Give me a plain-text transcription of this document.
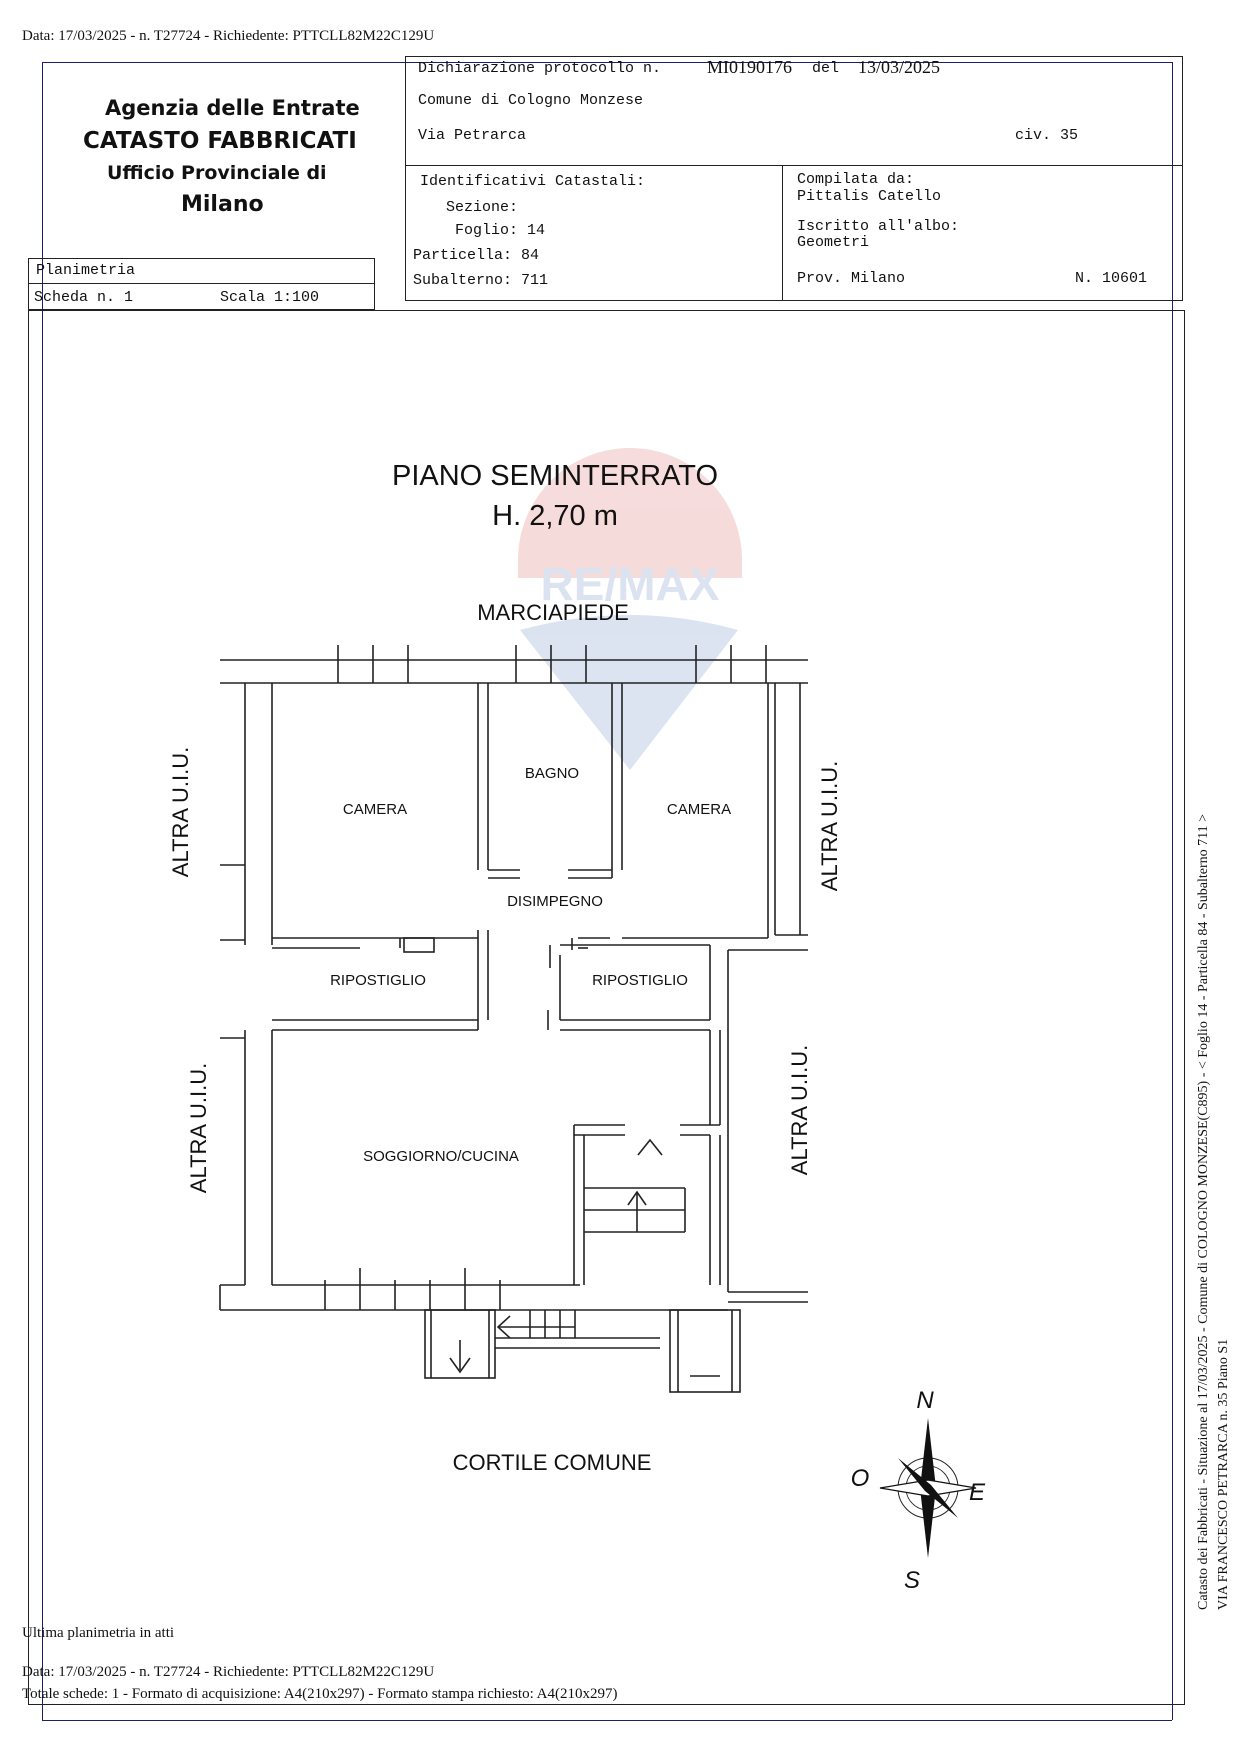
Data: 17/03/2025 - n. T27724 - Richiedente: PTTCLL82M22C129U
Agenzia delle Entrate
CATASTO FABBRICATI
Ufficio Provinciale di
Milano
Planimetria
Scheda n. 1	Scala 1:100
Dichiarazione protocollo n.	MI0190176 del 13/03/2025
Comune di Cologno Monzese
Via Petrarca	civ. 35
Identificativi Catastali:
Sezione:
Foglio: 14
Particella: 84
Subalterno: 711
Compilata da:
Pittalis Catello
Iscritto all'albo:
Geometri
Prov. Milano	N. 10601
RE/MAX
PIANO SEMINTERRATO
H. 2,70 m
MARCIAPIEDE
CORTILE COMUNE
CAMERA
BAGNO
CAMERA
DISIMPEGNO
RIPOSTIGLIO	RIPOSTIGLIO
SOGGIORNO/CUCINA
ALTRA U.I.U.	ALTRA U.I.U.
ALTRA U.I.U.	ALTRA U.I.U.
N
S
E
O	Catasto dei Fabbricati - Situazione al 17/03/2025 - Comune di COLOGNO MONZESE(C895) - < Foglio 14 - Particella 84 - Subalterno 711 > VIA FRANCESCO PETRARCA n. 35 Piano S1
Ultima planimetria in atti
Data: 17/03/2025 - n. T27724 - Richiedente: PTTCLL82M22C129U
Totale schede: 1 - Formato di acquisizione: A4(210x297) - Formato stampa richiesto: A4(210x297)
